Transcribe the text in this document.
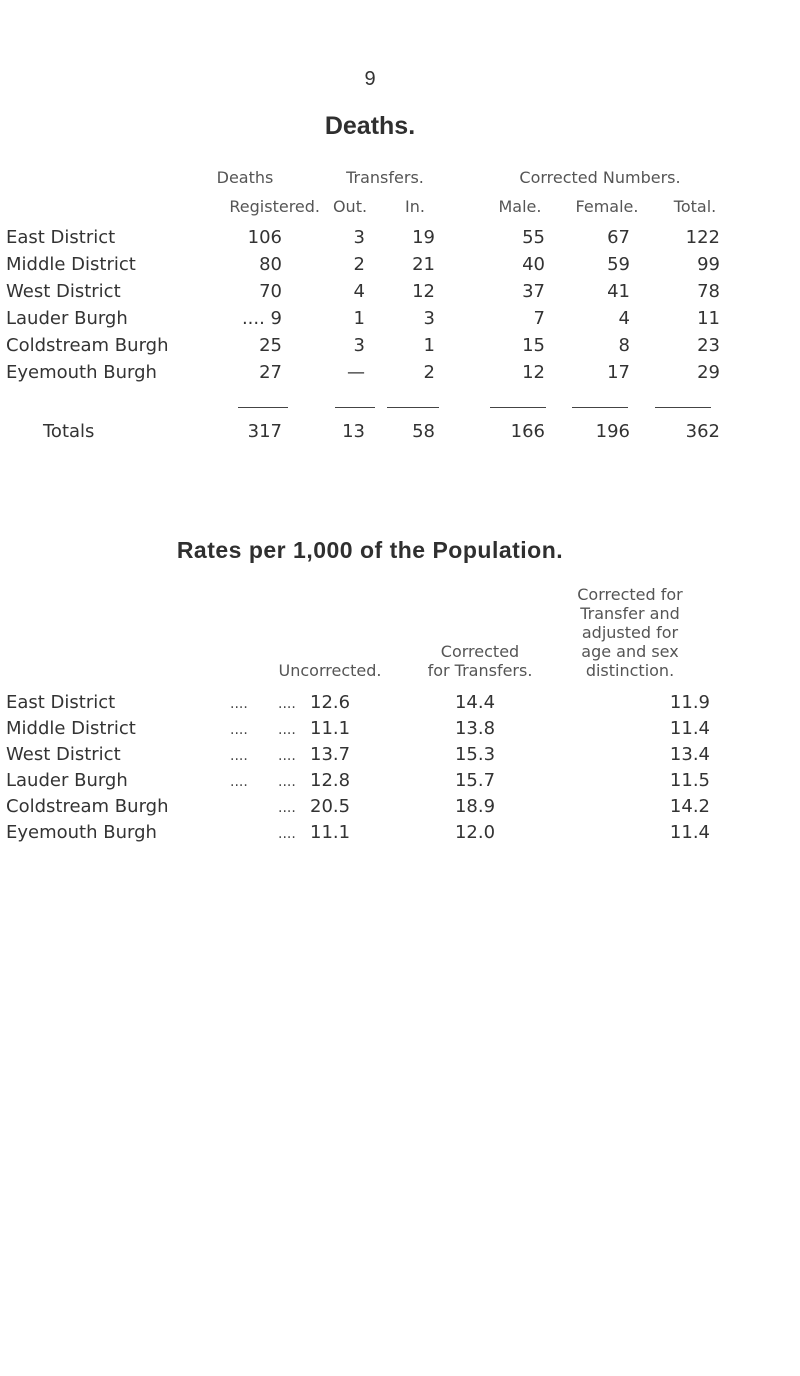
9
Deaths.
Deaths
Registered.
Transfers.
Out.	In.
Corrected Numbers.
Male.	Female.	Total.
East District	106	3	19	55	67	122
Middle District	80	2	21	40	59	99
West District	70	4	12	37	41	78
Lauder Burgh	.... 9	1	3	7	4	11
Coldstream Burgh	25	3	1	15	8	23
Eyemouth Burgh	27	—	2	12	17	29
Totals	317	13	58	166	196	362
Rates per 1,000 of the Population.
Corrected for
Transfer and
adjusted for
age and sex
distinction.
Corrected
for Transfers.
Uncorrected.
East District	.... .... 12.6	14.4	11.9
Middle District	.... .... 11.1	13.8	11.4
West District	.... .... 13.7	15.3	13.4
Lauder Burgh	.... .... 12.8	15.7	11.5
Coldstream Burgh	.... 20.5	18.9	14.2
Eyemouth Burgh	.... 11.1	12.0	11.4
